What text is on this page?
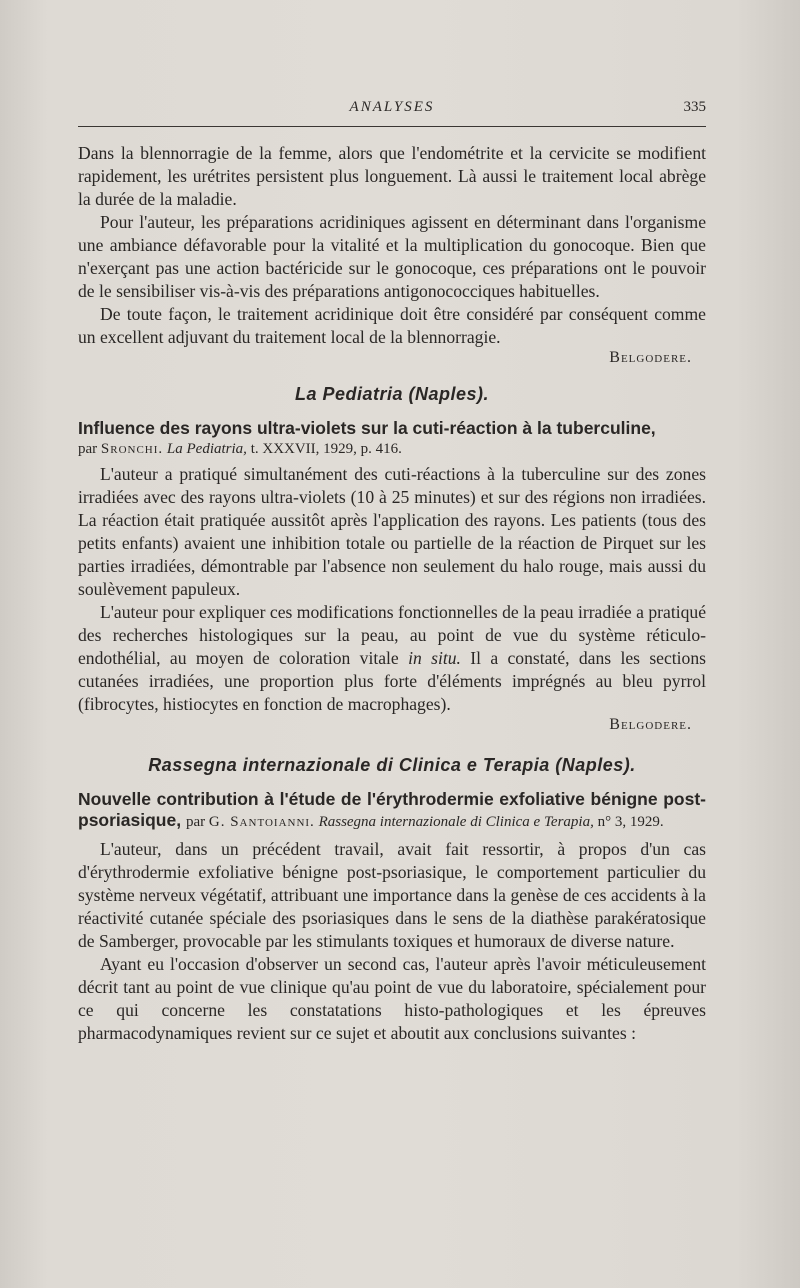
ANALYSES	335

Dans la blennorragie de la femme, alors que l'endométrite et la cervicite se modifient rapidement, les urétrites persistent plus longuement. Là aussi le traitement local abrège la durée de la maladie.

Pour l'auteur, les préparations acridiniques agissent en déterminant dans l'organisme une ambiance défavorable pour la vitalité et la multiplication du gonocoque. Bien que n'exerçant pas une action bactéricide sur le gonocoque, ces préparations ont le pouvoir de le sensibiliser vis-à-vis des préparations antigonococciques habituelles.

De toute façon, le traitement acridinique doit être considéré par conséquent comme un excellent adjuvant du traitement local de la blennorragie.

Belgodere.

La Pediatria (Naples).

Influence des rayons ultra-violets sur la cuti-réaction à la tuberculine,

par Sronchi. La Pediatria, t. XXXVII, 1929, p. 416.

L'auteur a pratiqué simultanément des cuti-réactions à la tuberculine sur des zones irradiées avec des rayons ultra-violets (10 à 25 minutes) et sur des régions non irradiées. La réaction était pratiquée aussitôt après l'application des rayons. Les patients (tous des petits enfants) avaient une inhibition totale ou partielle de la réaction de Pirquet sur les parties irradiées, démontrable par l'absence non seulement du halo rouge, mais aussi du soulèvement papuleux.

L'auteur pour expliquer ces modifications fonctionnelles de la peau irradiée a pratiqué des recherches histologiques sur la peau, au point de vue du système réticulo-endothélial, au moyen de coloration vitale in situ. Il a constaté, dans les sections cutanées irradiées, une proportion plus forte d'éléments imprégnés au bleu pyrrol (fibrocytes, histiocytes en fonction de macrophages).

Belgodere.

Rassegna internazionale di Clinica e Terapia (Naples).

Nouvelle contribution à l'étude de l'érythrodermie exfoliative bénigne post-psoriasique, par G. Santoianni. Rassegna internazionale di Clinica e Terapia, n° 3, 1929.

L'auteur, dans un précédent travail, avait fait ressortir, à propos d'un cas d'érythrodermie exfoliative bénigne post-psoriasique, le comportement particulier du système nerveux végétatif, attribuant une importance dans la genèse de ces accidents à la réactivité cutanée spéciale des psoriasiques dans le sens de la diathèse parakératosique de Samberger, provocable par les stimulants toxiques et humoraux de diverse nature.

Ayant eu l'occasion d'observer un second cas, l'auteur après l'avoir méticuleusement décrit tant au point de vue clinique qu'au point de vue du laboratoire, spécialement pour ce qui concerne les constatations histo-pathologiques et les épreuves pharmacodynamiques revient sur ce sujet et aboutit aux conclusions suivantes :
